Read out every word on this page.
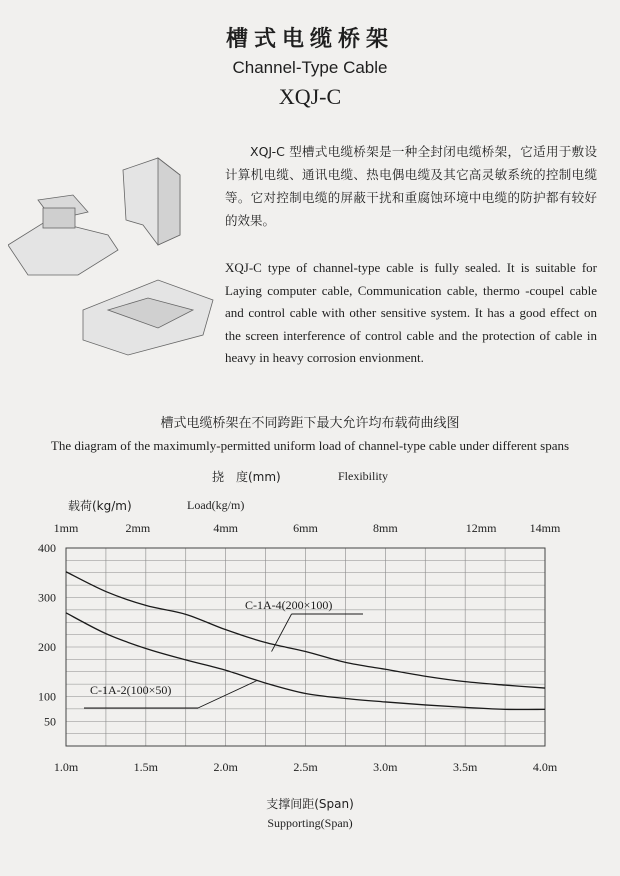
槽式电缆桥架
Channel-Type Cable
XQJ-C
XQJ-C 型槽式电缆桥架是一种全封闭电缆桥架，它适用于敷设计算机电缆、通讯电缆、热电偶电缆及其它高灵敏系统的控制电缆等。它对控制电缆的屏蔽干扰和重腐蚀环境中电缆的防护都有较好的效果。
XQJ-C type of channel-type cable is fully sealed. It is suitable for Laying computer cable, Communication cable, thermo -coupel cable and control cable with other sensitive system. It has a good effect on the screen interference of control cable and the protection of cable in heavy in heavy corrosion envionment.
槽式电缆桥架在不同跨距下最大允许均布载荷曲线图
The diagram of the maximumly-permitted uniform load of channel-type cable under different spans
挠　度(mm)	Flexibility
载荷(kg/m)	Load(kg/m)
400
300
200
100
50
1.0m	1.5m	2.0m	2.5m	3.0m	3.5m	4.0m
1mm	2mm	4mm	6mm	8mm	12mm	14mm
C-1A-4(200×100)
C-1A-2(100×50)
支撑间距(Span)
Supporting(Span)
